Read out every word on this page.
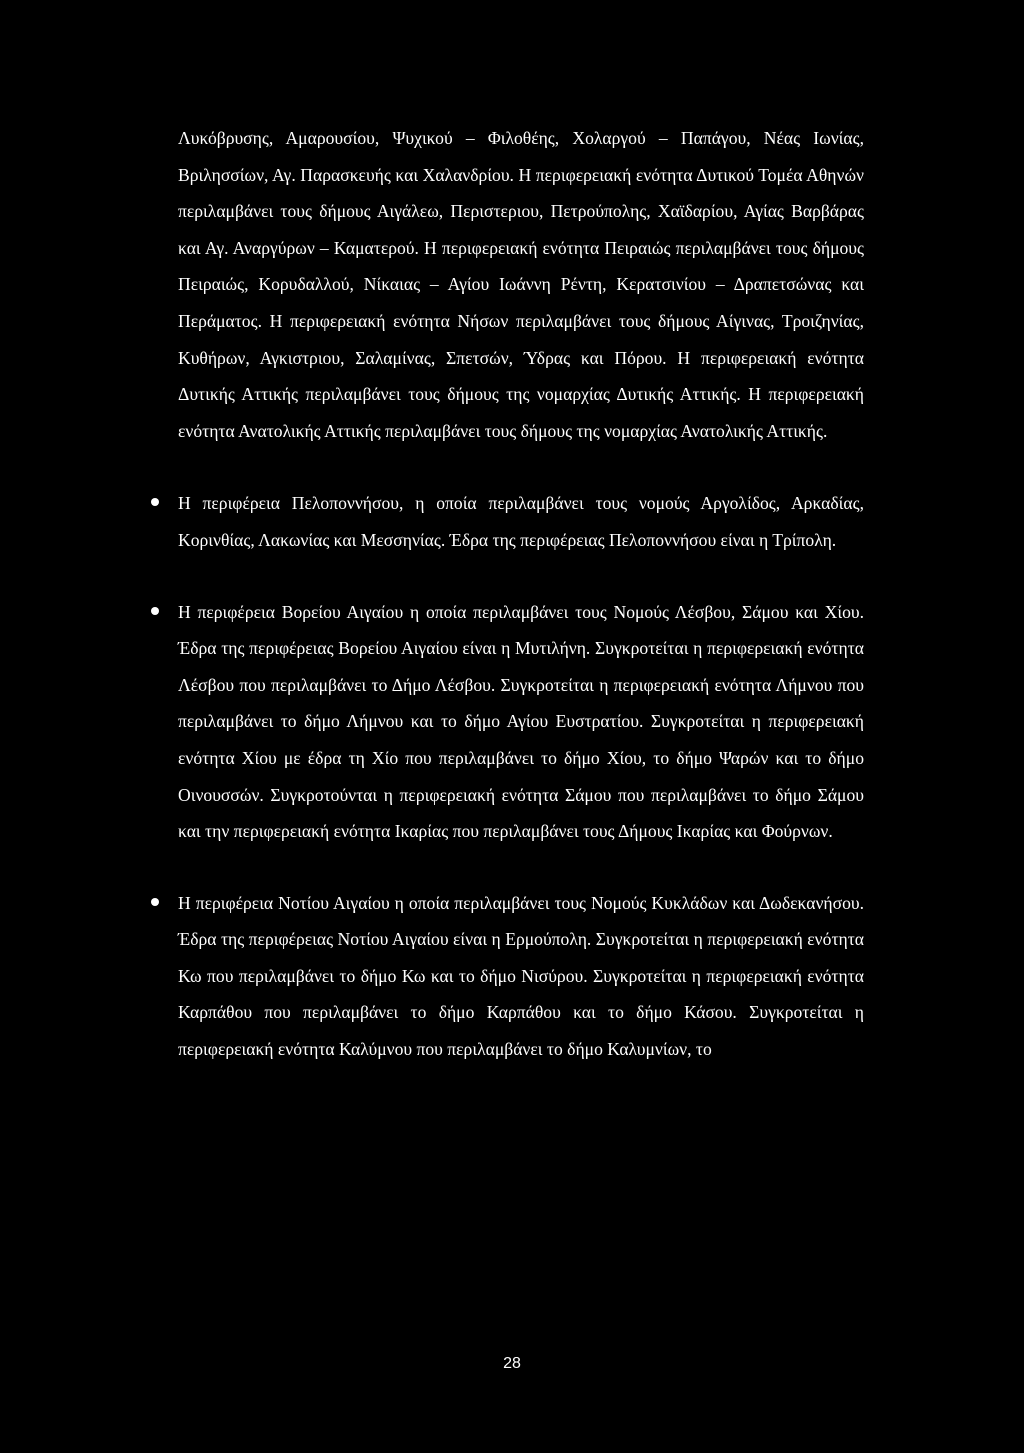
Λυκόβρυσης, Αμαρουσίου, Ψυχικού – Φιλοθέης, Χολαργού – Παπάγου, Νέας Ιωνίας, Βριλησσίων, Αγ. Παρασκευής και Χαλανδρίου. Η περιφερειακή ενότητα Δυτικού Τομέα Αθηνών περιλαμβάνει τους δήμους Αιγάλεω, Περιστεριου, Πετρούπολης, Χαϊδαρίου, Αγίας Βαρβάρας και Αγ. Αναργύρων – Καματερού. Η περιφερειακή ενότητα Πειραιώς περιλαμβάνει τους δήμους Πειραιώς, Κορυδαλλού, Νίκαιας – Αγίου Ιωάννη Ρέντη, Κερατσινίου – Δραπετσώνας και Περάματος. Η περιφερειακή ενότητα Νήσων περιλαμβάνει τους δήμους Αίγινας, Τροιζηνίας, Κυθήρων, Αγκιστριου, Σαλαμίνας, Σπετσών, Ύδρας και Πόρου. Η περιφερειακή ενότητα Δυτικής Αττικής περιλαμβάνει τους δήμους της νομαρχίας Δυτικής Αττικής. Η περιφερειακή ενότητα Ανατολικής Αττικής περιλαμβάνει τους δήμους της νομαρχίας Ανατολικής Αττικής.

Η περιφέρεια Πελοποννήσου, η οποία περιλαμβάνει τους νομούς Αργολίδος, Αρκαδίας, Κορινθίας, Λακωνίας και Μεσσηνίας. Έδρα της περιφέρειας Πελοποννήσου είναι η Τρίπολη.

Η περιφέρεια Βορείου Αιγαίου η οποία περιλαμβάνει τους Νομούς Λέσβου, Σάμου και Χίου. Έδρα της περιφέρειας Βορείου Αιγαίου είναι η Μυτιλήνη. Συγκροτείται η περιφερειακή ενότητα Λέσβου που περιλαμβάνει το Δήμο Λέσβου. Συγκροτείται η περιφερειακή ενότητα Λήμνου που περιλαμβάνει το δήμο Λήμνου και το δήμο Αγίου Ευστρατίου. Συγκροτείται η περιφερειακή ενότητα Χίου με έδρα τη Χίο που περιλαμβάνει το δήμο Χίου, το δήμο Ψαρών και το δήμο Οινουσσών. Συγκροτούνται η περιφερειακή ενότητα Σάμου που περιλαμβάνει το δήμο Σάμου και την περιφερειακή ενότητα Ικαρίας που περιλαμβάνει τους Δήμους Ικαρίας και Φούρνων.

Η περιφέρεια Νοτίου Αιγαίου η οποία περιλαμβάνει τους Νομούς Κυκλάδων και Δωδεκανήσου. Έδρα της περιφέρειας Νοτίου Αιγαίου είναι η Ερμούπολη. Συγκροτείται η περιφερειακή ενότητα Κω που περιλαμβάνει το δήμο Κω και το δήμο Νισύρου. Συγκροτείται η περιφερειακή ενότητα Καρπάθου που περιλαμβάνει το δήμο Καρπάθου και το δήμο Κάσου. Συγκροτείται η περιφερειακή ενότητα Καλύμνου που περιλαμβάνει το δήμο Καλυμνίων, το

28
